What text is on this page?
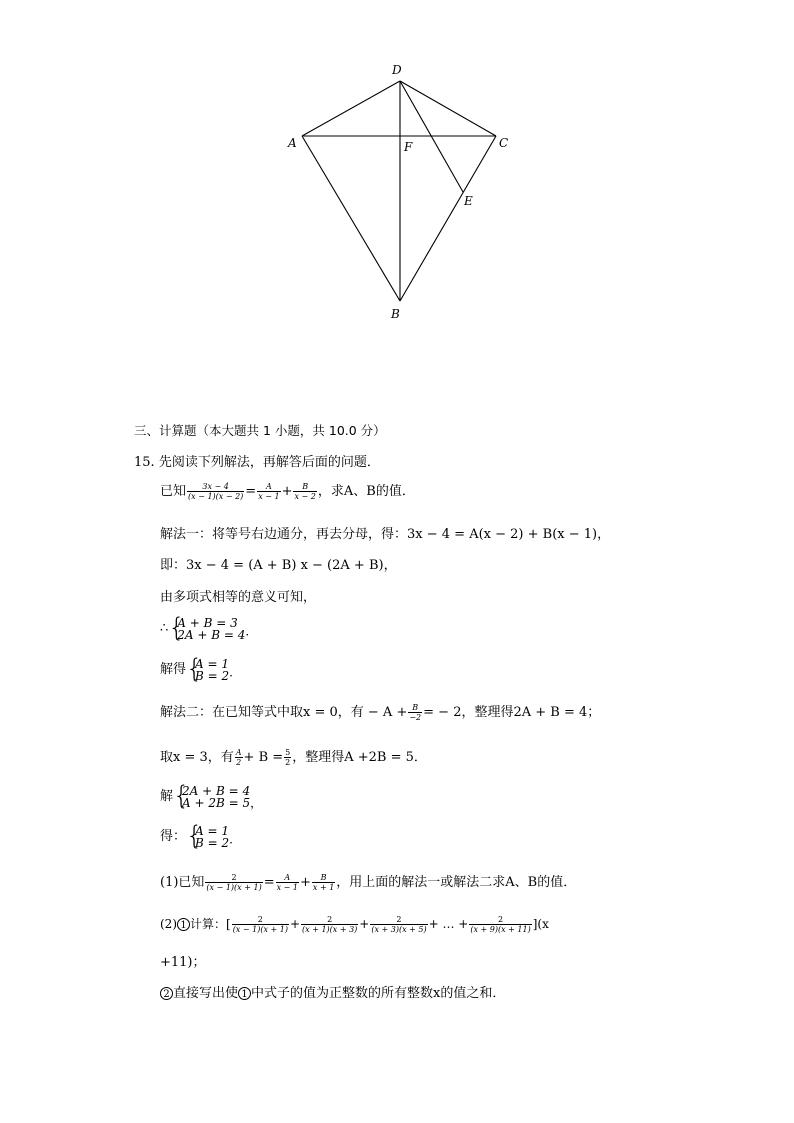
D
A	F	C
E
B
三、计算题（本大题共 1 小题，共 10.0 分）
15. 先阅读下列解法，再解答后面的问题．
已知 $\frac{3x - 4}{(x - 1)(x - 2)} = \frac{A}{x - 1} + \frac{B}{x - 2}$ ，求A、B的值．
解法一：将等号右边通分，再去分母，得：3x − 4 = A(x − 2) + B(x − 1)，
即：3x − 4 = (A + B) x − (2A + B)，
由多项式相等的意义可知，
∴ {
A + B = 3
2A + B = 4·
解得 {
A = 1
B = 2·
解法二：在已知等式中取x = 0，有 − $A + \frac{B}{-2}$ = − 2，整理得2A + B = 4；
取x = 3，有 $\frac{A}{2} + B = \frac{5}{2}$ ，整理得A +2B = 5．
解 {
2A + B = 4
A + 2B = 5，
得： {
A = 1
B = 2·
(1)已知 $\frac{2}{(x - 1)(x + 1)} = \frac{A}{x - 1} + \frac{B}{x + 1}$ ，用上面的解法一或解法二求A、B的值．
(2) 1 计算：[ $\frac{2}{(x - 1)(x + 1)} + \frac{2}{(x + 1)(x + 3)} + \frac{2}{(x + 3)(x + 5)}$ + … + $\frac{2}{(x + 9)(x + 11)} ](x$
+11)；
2 直接写出使 1 中式子的值为正整数的所有整数x的值之和．
